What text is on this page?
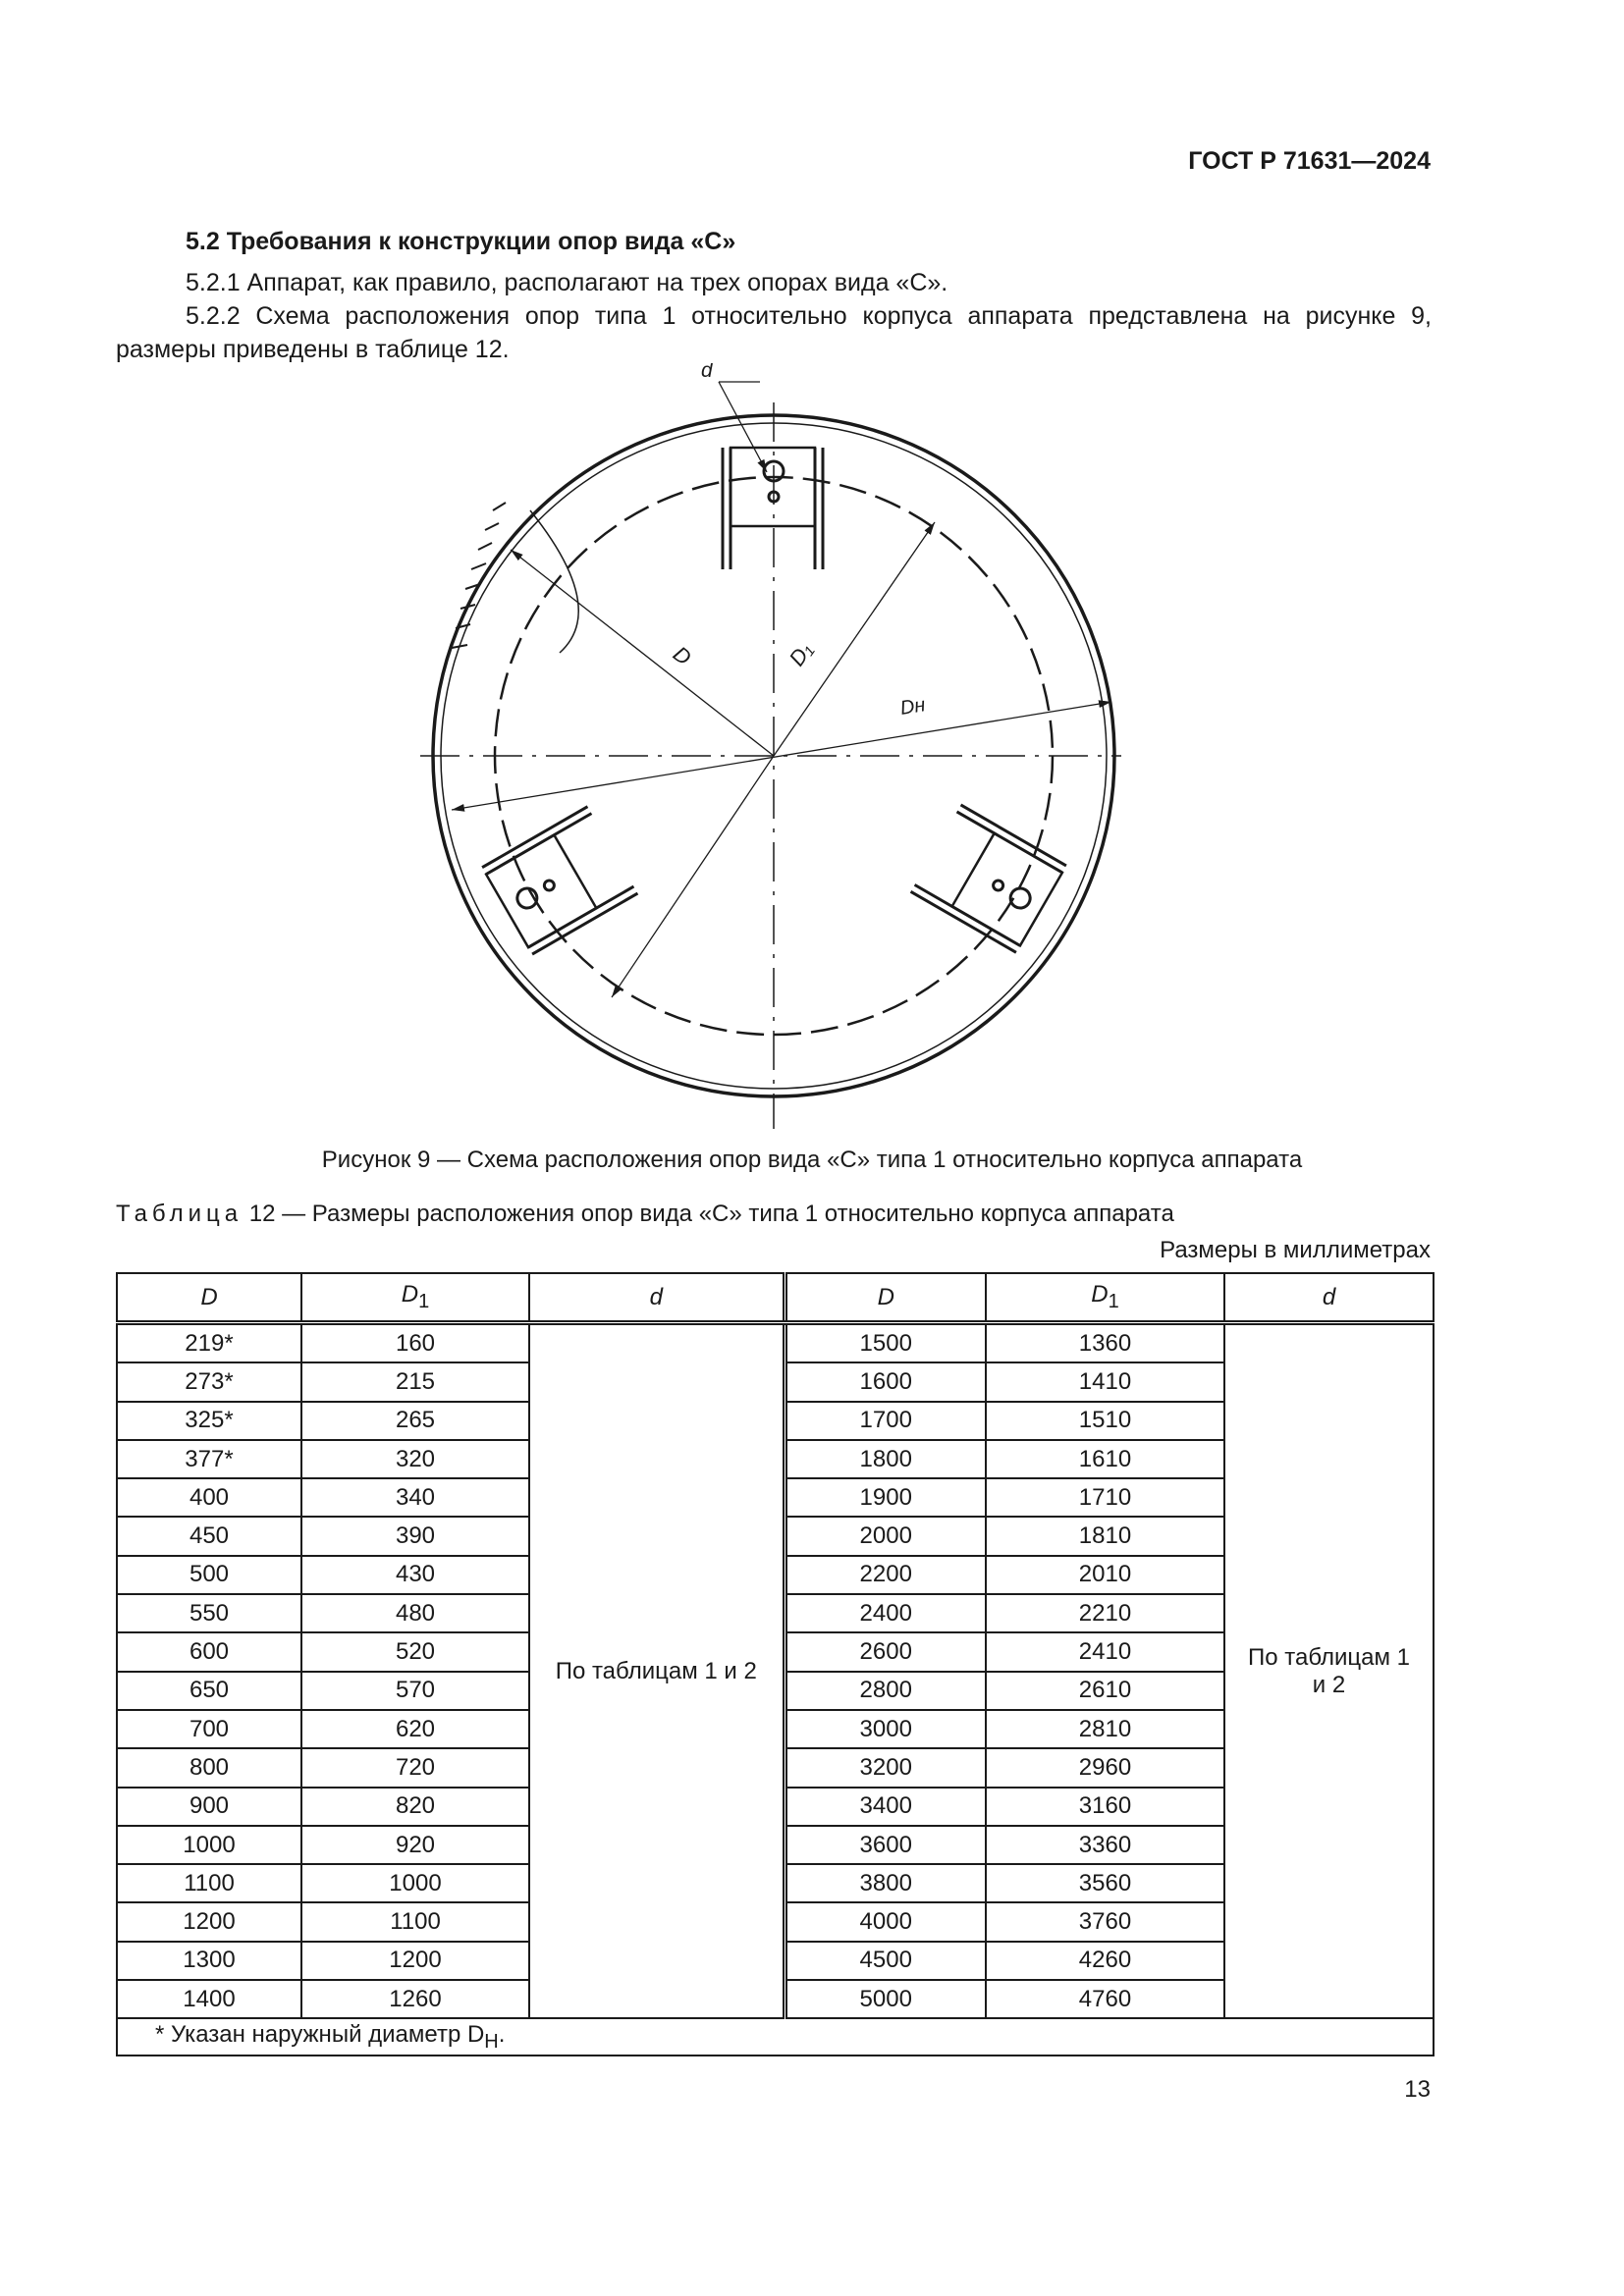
ГОСТ Р 71631—2024
5.2 Требования к конструкции опор вида «С»
5.2.1 Аппарат, как правило, располагают на трех опорах вида «С».
5.2.2 Схема расположения опор типа 1 относительно корпуса аппарата представлена на рисунке 9, размеры приведены в таблице 12.
d
D	D₁
Dн
Рисунок 9 — Схема расположения опор вида «С» типа 1 относительно корпуса аппарата
Таблица 12 — Размеры расположения опор вида «С» типа 1 относительно корпуса аппарата
Размеры в миллиметрах
D	$D_1$	d	D	$D_1$	d
219*	160	По таблицам 1 и 2	1500	1360	По таблицам 1
и 2

273*	215		1600	1410	
325*	265		1700	1510	
377*	320		1800	1610	
400	340		1900	1710	
450	390		2000	1810	
500	430		2200	2010	
550	480		2400	2210	
600	520		2600	2410	
650	570		2800	2610	
700	620		3000	2810	
800	720		3200	2960	
900	820		3400	3160	
1000	920		3600	3360	
1100	1000		3800	3560	
1200	1100		4000	3760	
1300	1200		4500	4260	
1400	1260		5000	4760	
* Указан наружный диаметр $D_Н$.					
13
